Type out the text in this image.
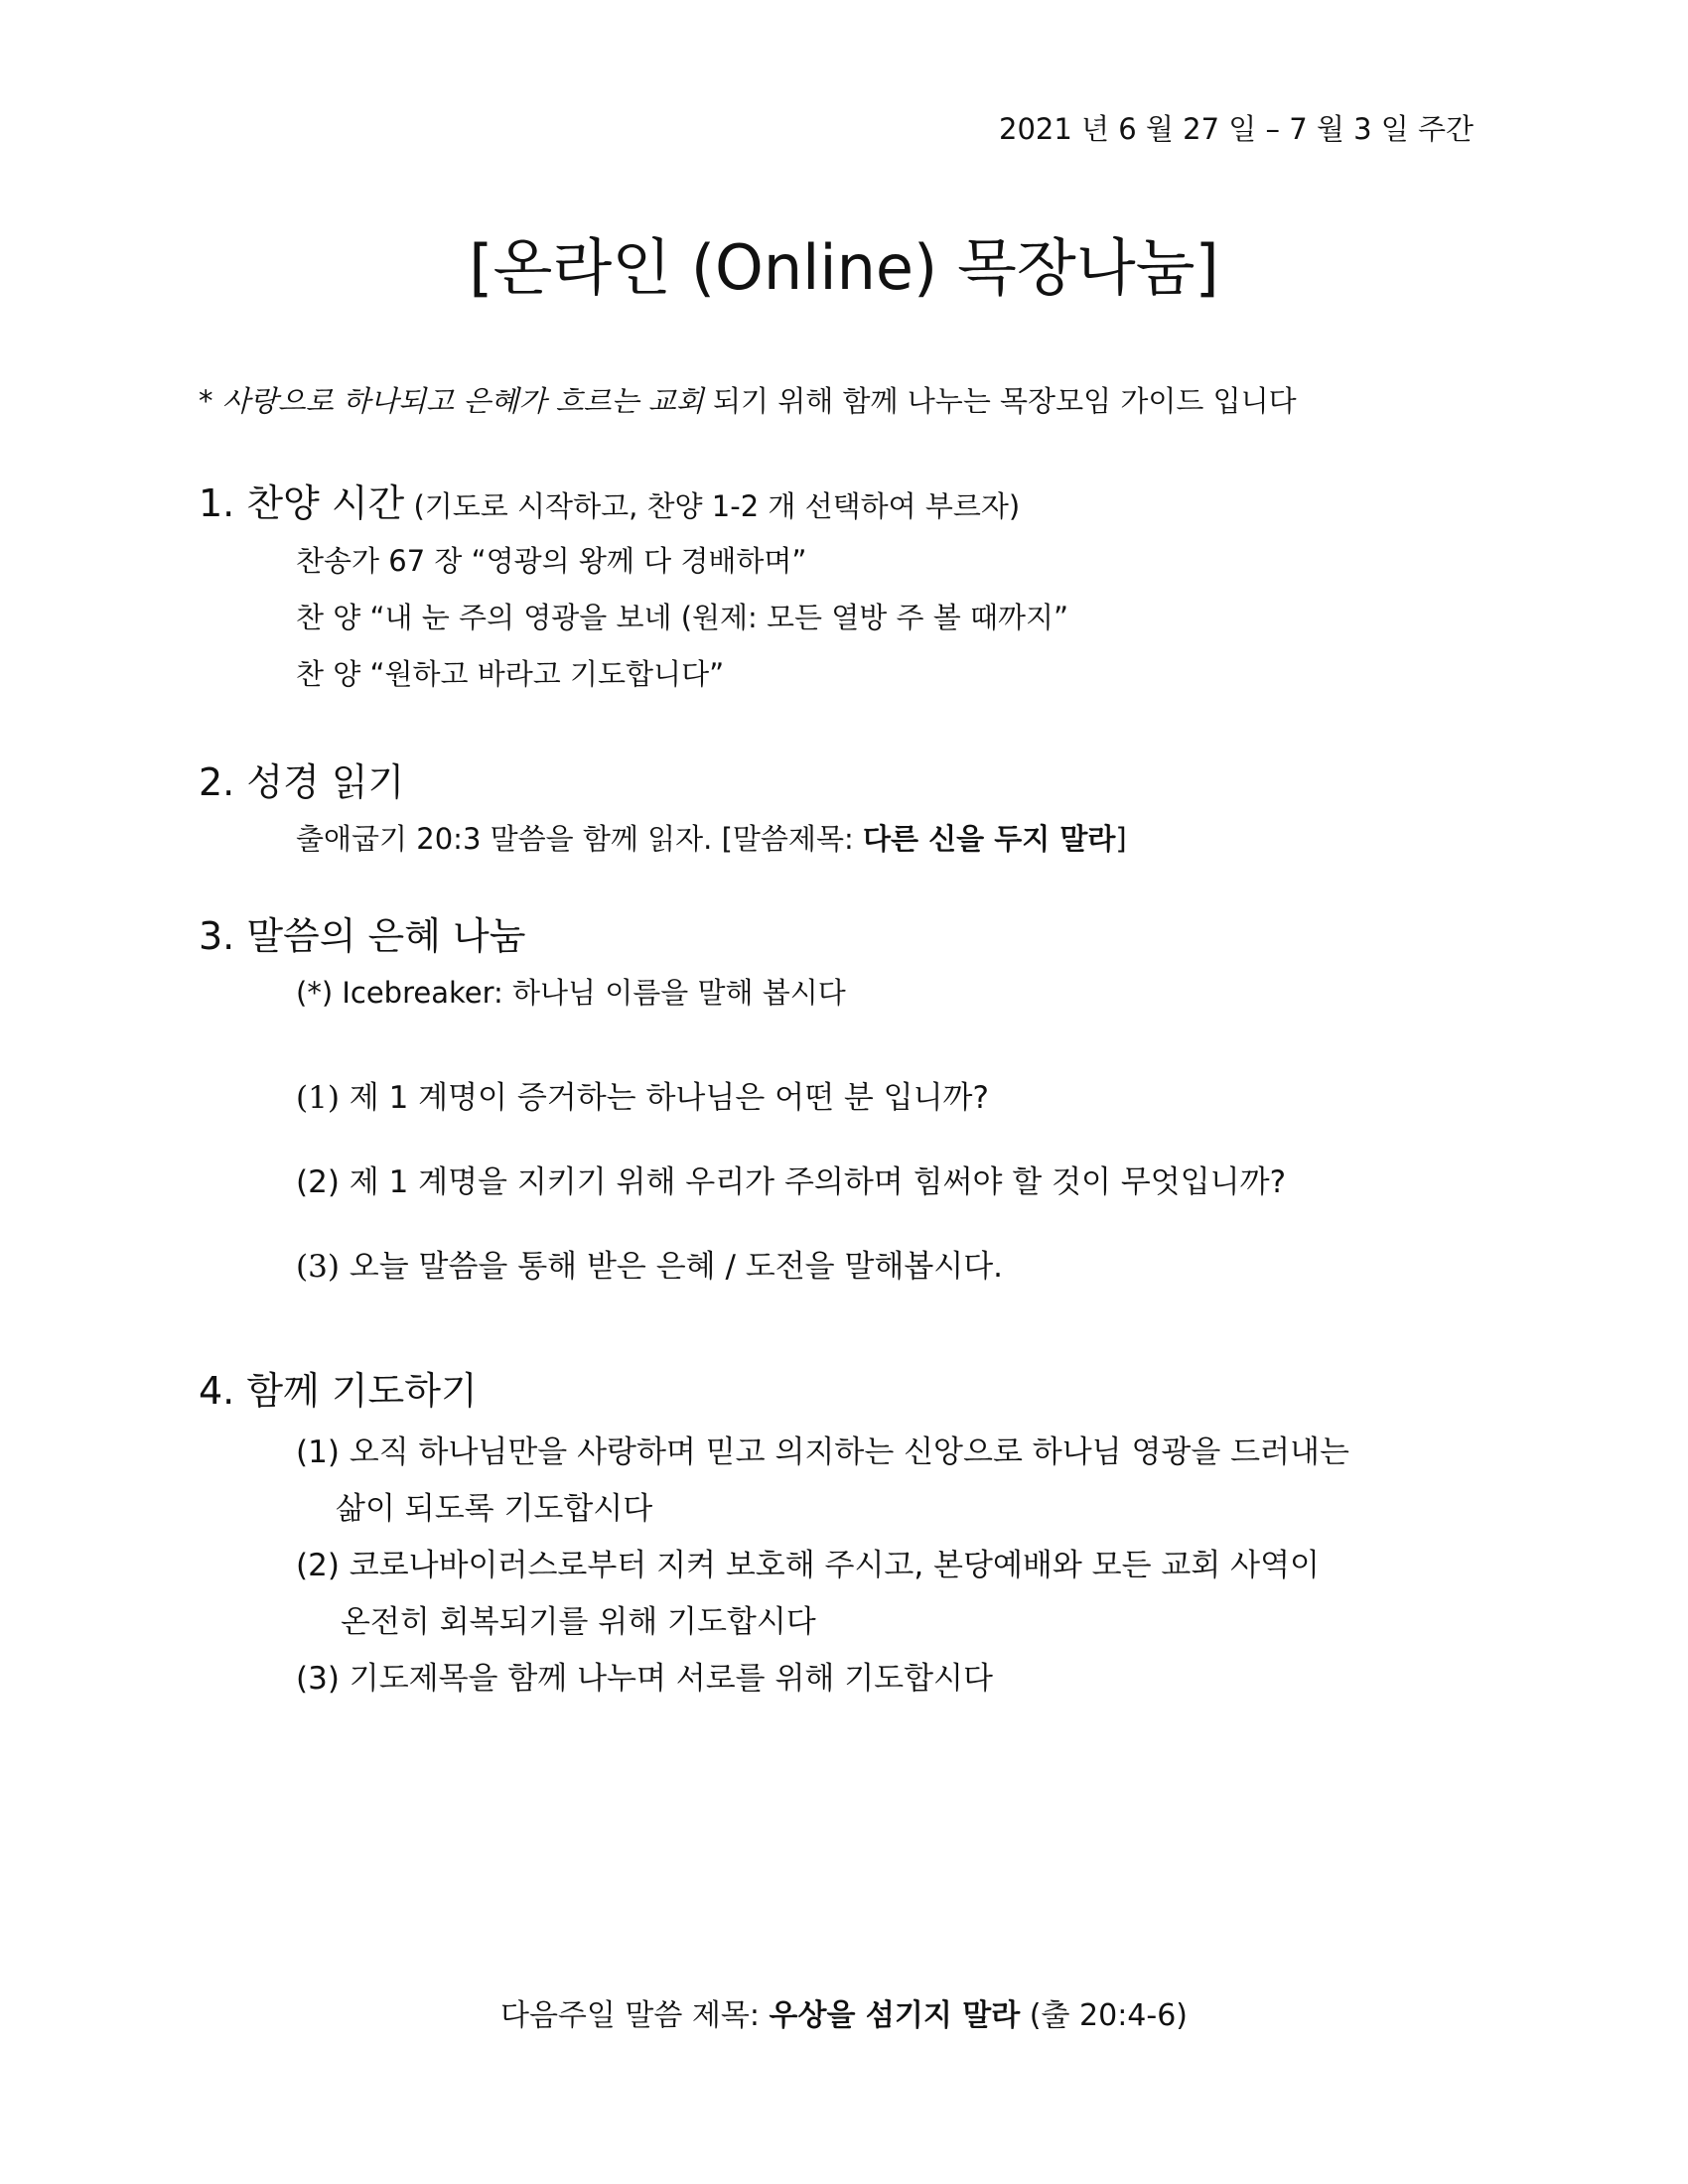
2021 년 6 월 27 일 – 7 월 3 일 주간
[온라인 (Online) 목장나눔]
* 사랑으로 하나되고 은혜가 흐르는 교회 되기 위해 함께 나누는 목장모임 가이드 입니다
1. 찬양 시간 (기도로 시작하고, 찬양 1-2 개 선택하여 부르자)
찬송가 67 장 “영광의 왕께 다 경배하며”
찬 양 “내 눈 주의 영광을 보네 (원제: 모든 열방 주 볼 때까지”
찬 양 “원하고 바라고 기도합니다”
2. 성경 읽기
출애굽기 20:3 말씀을 함께 읽자. [말씀제목: 다른 신을 두지 말라]
3. 말씀의 은혜 나눔
(*) Icebreaker: 하나님 이름을 말해 봅시다
(1) 제 1 계명이 증거하는 하나님은 어떤 분 입니까?
(2) 제 1 계명을 지키기 위해 우리가 주의하며 힘써야 할 것이 무엇입니까?
(3) 오늘 말씀을 통해 받은 은혜 / 도전을 말해봅시다.
4. 함께 기도하기
(1) 오직 하나님만을 사랑하며 믿고 의지하는 신앙으로 하나님 영광을 드러내는
삶이 되도록 기도합시다
(2) 코로나바이러스로부터 지켜 보호해 주시고, 본당예배와 모든 교회 사역이
온전히 회복되기를 위해 기도합시다
(3) 기도제목을 함께 나누며 서로를 위해 기도합시다
다음주일 말씀 제목: 우상을 섬기지 말라 (출 20:4-6)
